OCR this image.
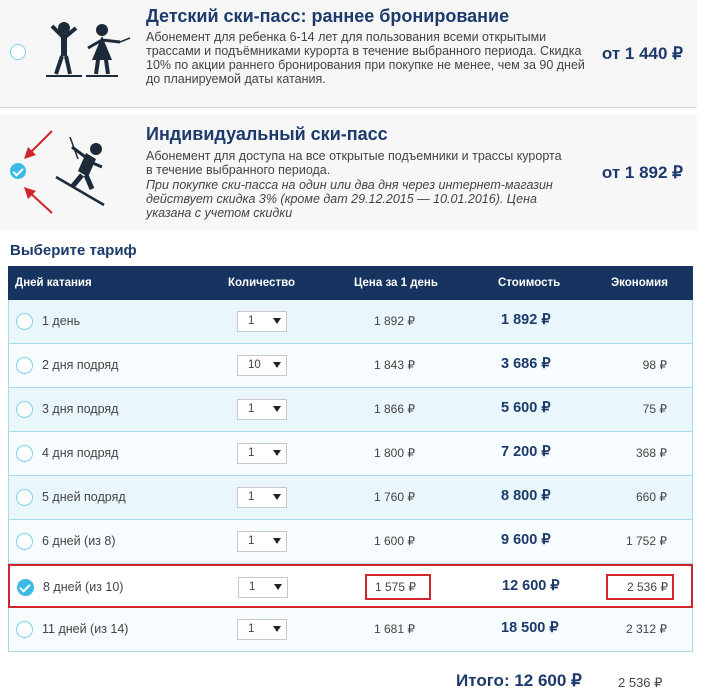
Детский ски-пасс: раннее бронирование
Абонемент для ребенка 6-14 лет для пользования всеми открытыми трассами и подъёмниками курорта в течение выбранного периода. Скидка 10% по акции раннего бронирования при покупке не менее, чем за 90 дней до планируемой даты катания.
от 1 440 ₽
Индивидуальный ски-пасс
Абонемент для доступа на все открытые подъемники и трассы курорта в течение выбранного периода.
При покупке ски-пасса на один или два дня через интернет-магазин действует скидка 3% (кроме дат 29.12.2015 — 10.01.2016). Цена указана с учетом скидки
от 1 892 ₽
Выберите тариф
Дней катания	Количество	Цена за 1 день	Стоимость	Экономия
1 день	1	1 892 ₽	1 892 ₽
2 дня подряд	10	1 843 ₽	3 686 ₽	98 ₽
3 дня подряд	1	1 866 ₽	5 600 ₽	75 ₽
4 дня подряд	1	1 800 ₽	7 200 ₽	368 ₽
5 дней подряд	1	1 760 ₽	8 800 ₽	660 ₽
6 дней (из 8)	1	1 600 ₽	9 600 ₽	1 752 ₽
8 дней (из 10)	1	1 575 ₽	12 600 ₽	2 536 ₽
11 дней (из 14)	1	1 681 ₽	18 500 ₽	2 312 ₽
Итого: 12 600 ₽	2 536 ₽
